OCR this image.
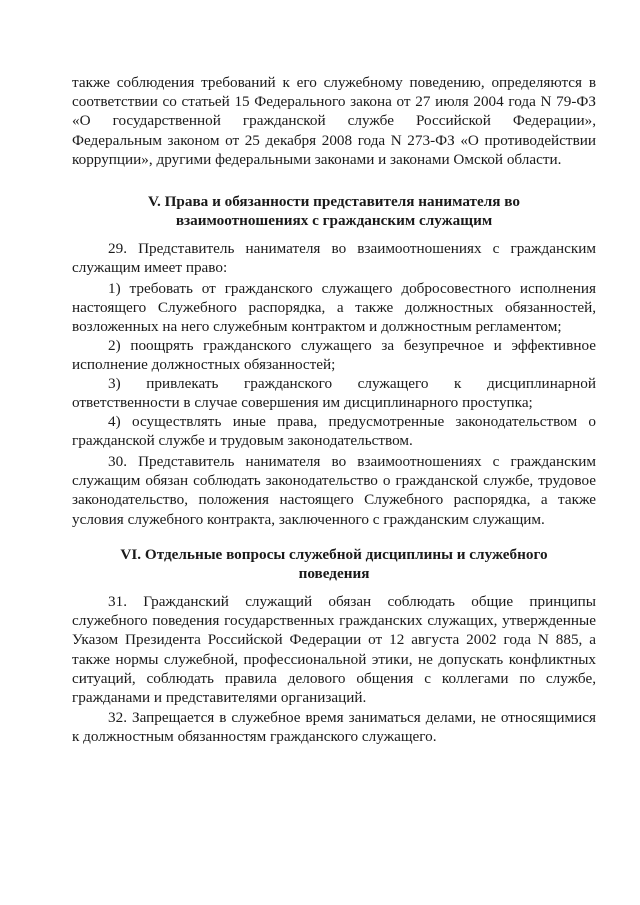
также соблюдения требований к его служебному поведению, определяются в соответствии со статьей 15 Федерального закона от 27 июля 2004 года N 79-ФЗ «О государственной гражданской службе Российской Федерации», Федеральным законом от 25 декабря 2008 года N 273-ФЗ «О противодействии коррупции», другими федеральными законами и законами Омской области.

V. Права и обязанности представителя нанимателя во
взаимоотношениях с гражданским служащим

29. Представитель нанимателя во взаимоотношениях с гражданским служащим имеет право:

1) требовать от гражданского служащего добросовестного исполнения настоящего Служебного распорядка, а также должностных обязанностей, возложенных на него служебным контрактом и должностным регламентом;

2) поощрять гражданского служащего за безупречное и эффективное исполнение должностных обязанностей;

3) привлекать гражданского служащего к дисциплинарной ответственности в случае совершения им дисциплинарного проступка;

4) осуществлять иные права, предусмотренные законодательством о гражданской службе и трудовым законодательством.

30. Представитель нанимателя во взаимоотношениях с гражданским служащим обязан соблюдать законодательство о гражданской службе, трудовое законодательство, положения настоящего Служебного распорядка, а также условия служебного контракта, заключенного с гражданским служащим.

VI. Отдельные вопросы служебной дисциплины и служебного
поведения

31. Гражданский служащий обязан соблюдать общие принципы служебного поведения государственных гражданских служащих, утвержденные Указом Президента Российской Федерации от 12 августа 2002 года N 885, а также нормы служебной, профессиональной этики, не допускать конфликтных ситуаций, соблюдать правила делового общения с коллегами по службе, гражданами и представителями организаций.

32. Запрещается в служебное время заниматься делами, не относящимися к должностным обязанностям гражданского служащего.
